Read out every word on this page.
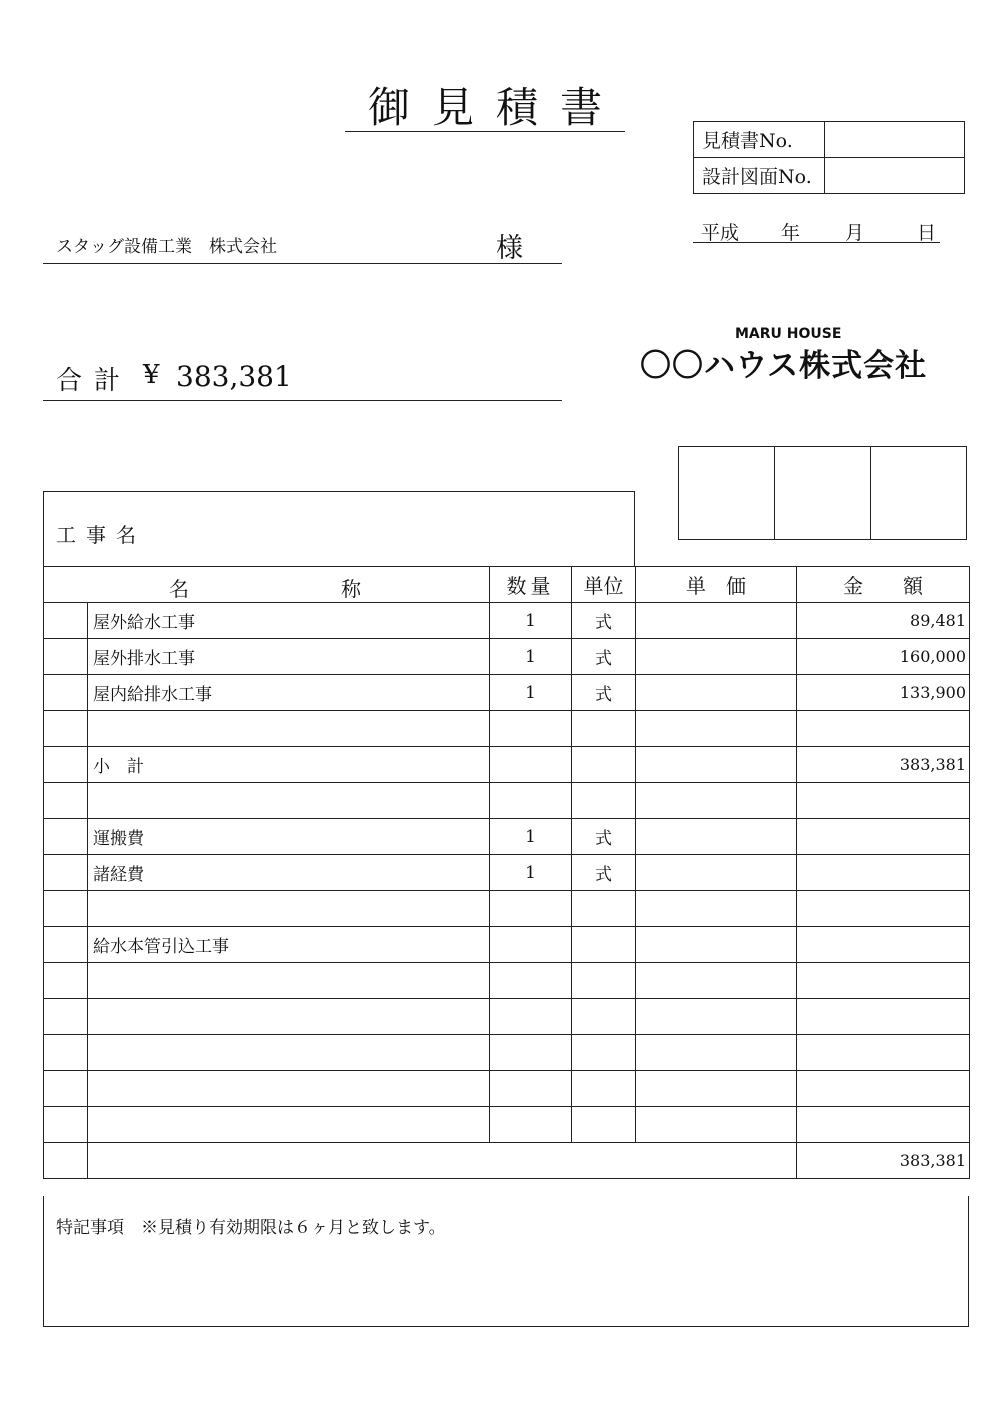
御見積書
見積書No.	
設計図面No.	
平成 年 月	日
スタッグ設備工業　株式会社	様
合計 ¥ 383,381
MARU HOUSE
〇〇ハウス株式会社

工事名
名 称		数量	単位	単　価	金　　額
	屋外給水工事	1	式		89,481
	屋外排水工事	1	式		160,000
	屋内給排水工事	1	式		133,900

	小　計				383,381

	運搬費	1	式		
	諸経費	1	式		

	給水本管引込工事				

					383,381
特記事項　※見積り有効期限は６ヶ月と致します。
